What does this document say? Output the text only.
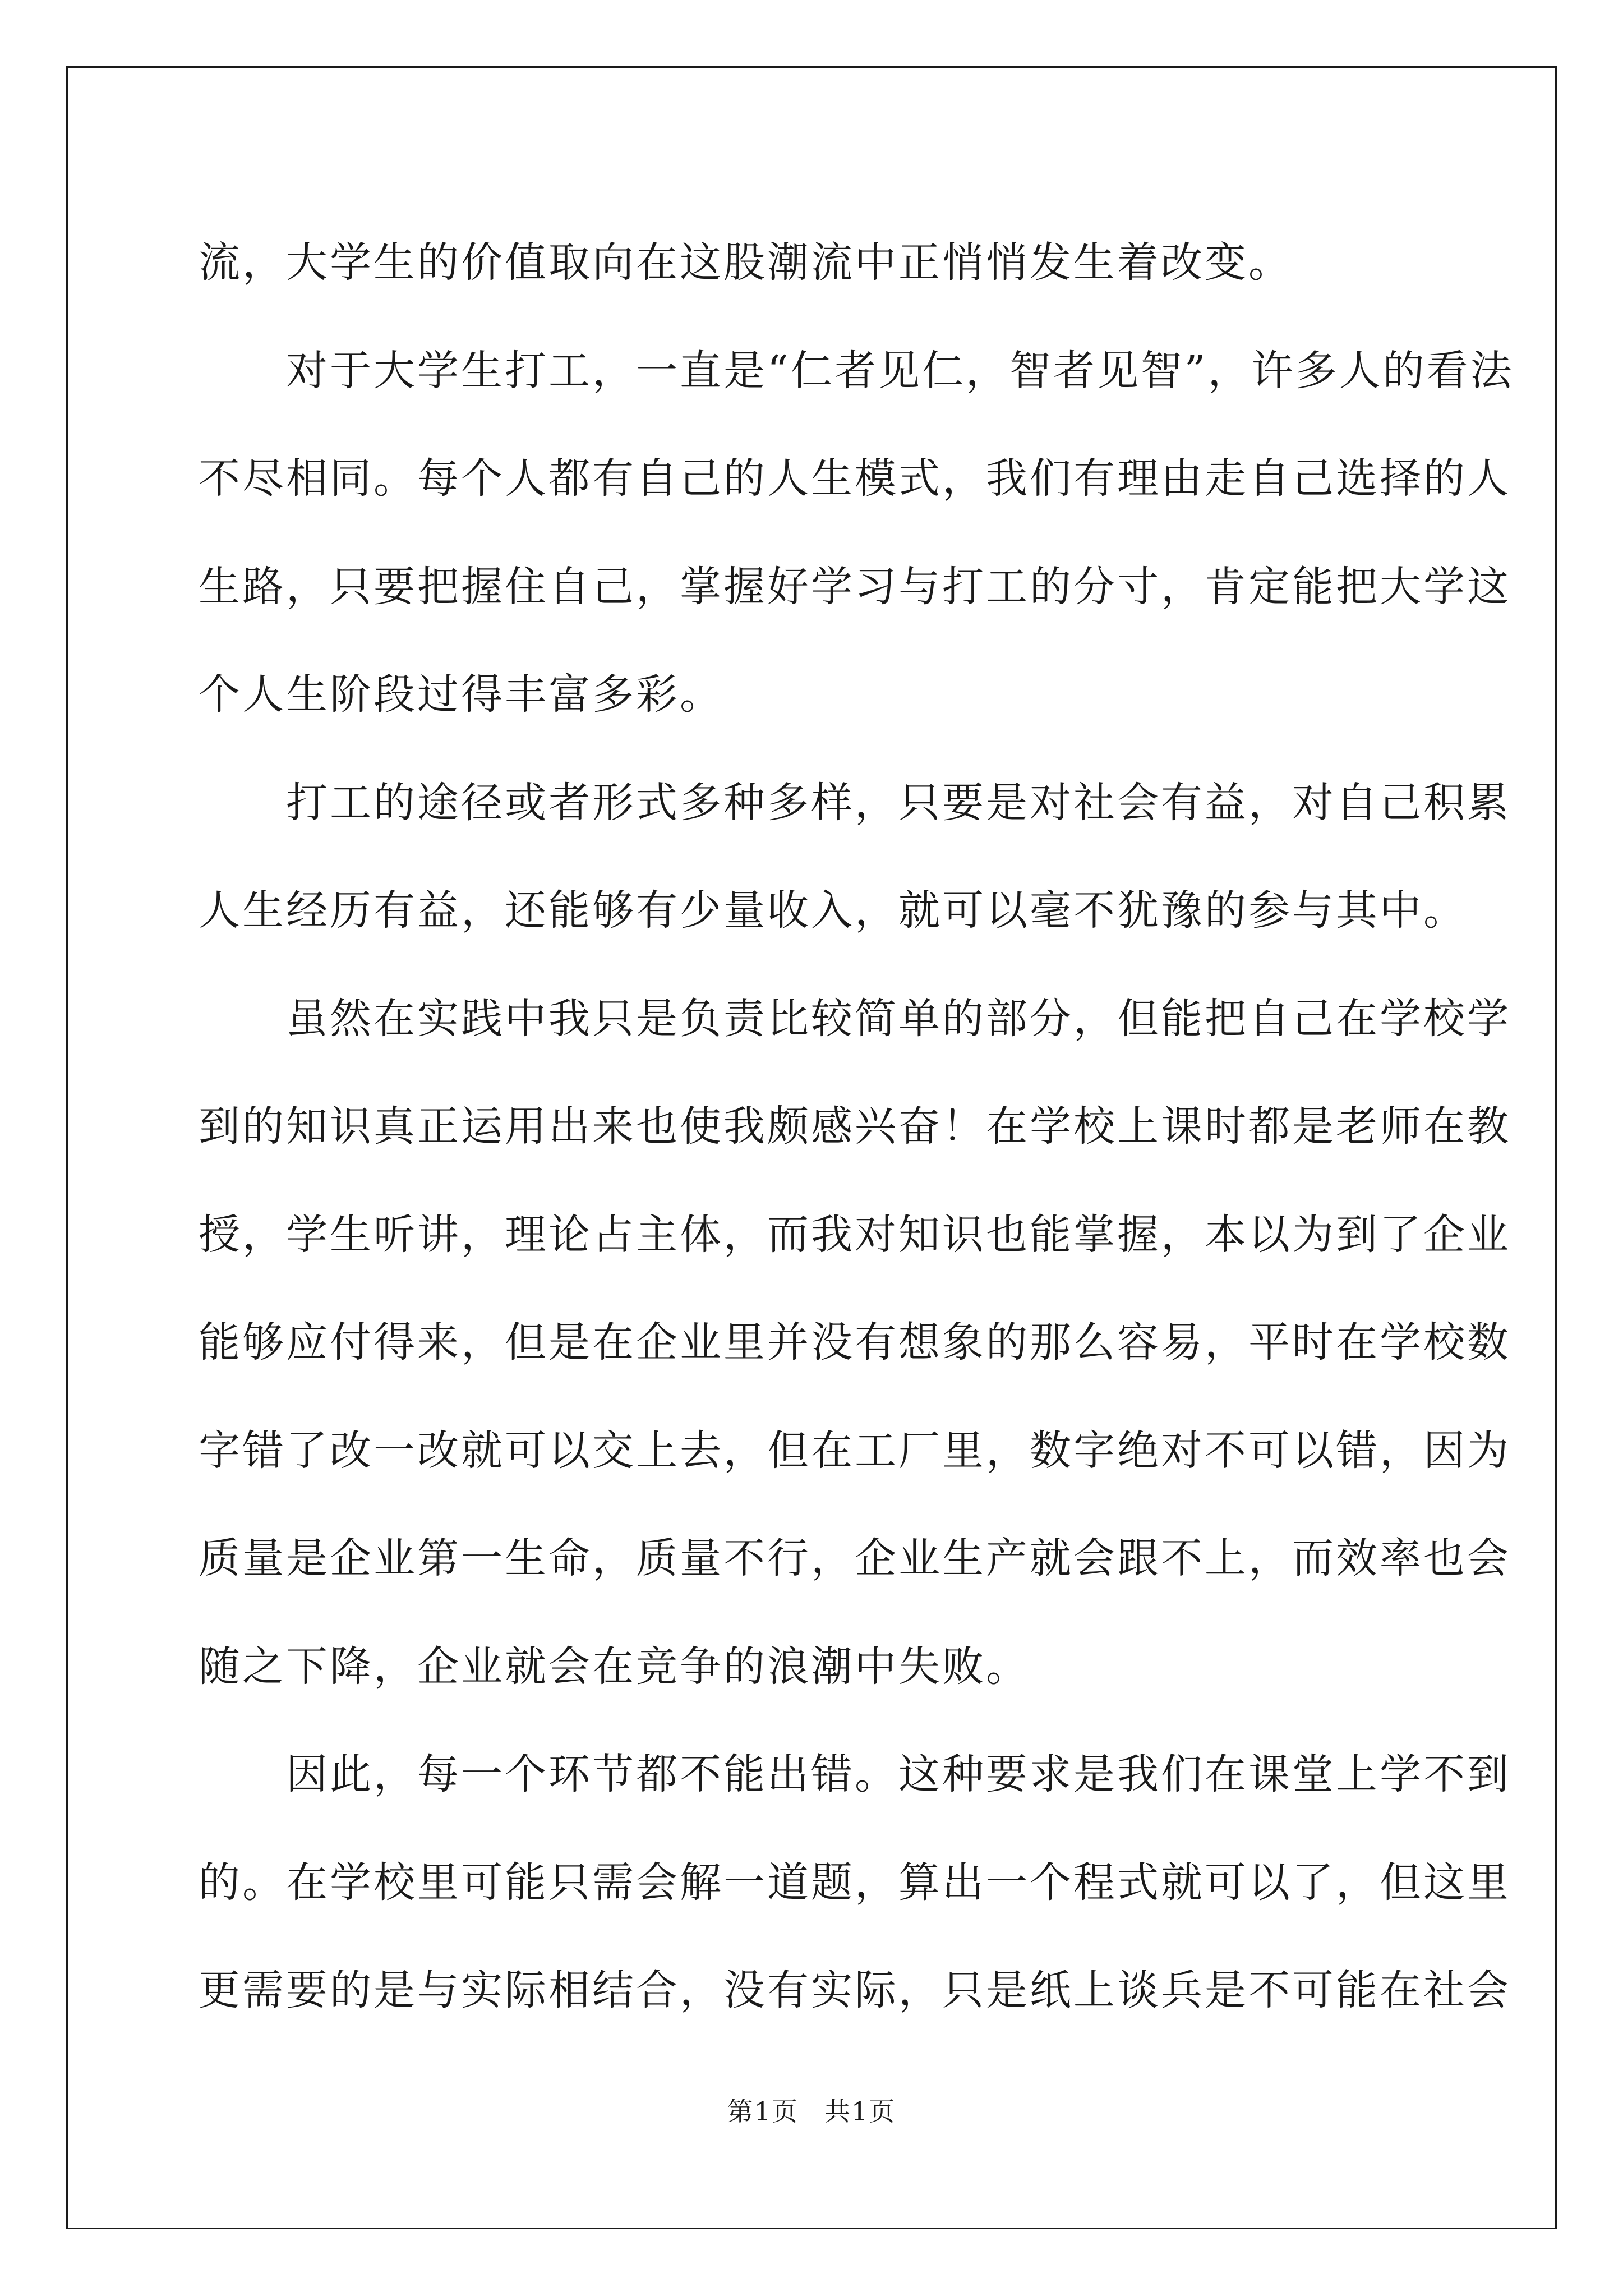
流，大学生的价值取向在这股潮流中正悄悄发生着改变。
　　对于大学生打工，一直是“仁者见仁，智者见智”，许多人的看法
不尽相同。每个人都有自己的人生模式，我们有理由走自己选择的人
生路，只要把握住自己，掌握好学习与打工的分寸，肯定能把大学这
个人生阶段过得丰富多彩。
　　打工的途径或者形式多种多样，只要是对社会有益，对自己积累
人生经历有益，还能够有少量收入，就可以毫不犹豫的参与其中。
　　虽然在实践中我只是负责比较简单的部分，但能把自己在学校学
到的知识真正运用出来也使我颇感兴奋！在学校上课时都是老师在教
授，学生听讲，理论占主体，而我对知识也能掌握，本以为到了企业
能够应付得来，但是在企业里并没有想象的那么容易，平时在学校数
字错了改一改就可以交上去，但在工厂里，数字绝对不可以错，因为
质量是企业第一生命，质量不行，企业生产就会跟不上，而效率也会
随之下降，企业就会在竞争的浪潮中失败。
　　因此，每一个环节都不能出错。这种要求是我们在课堂上学不到
的。在学校里可能只需会解一道题，算出一个程式就可以了，但这里
更需要的是与实际相结合，没有实际，只是纸上谈兵是不可能在社会
第1页 共1页
